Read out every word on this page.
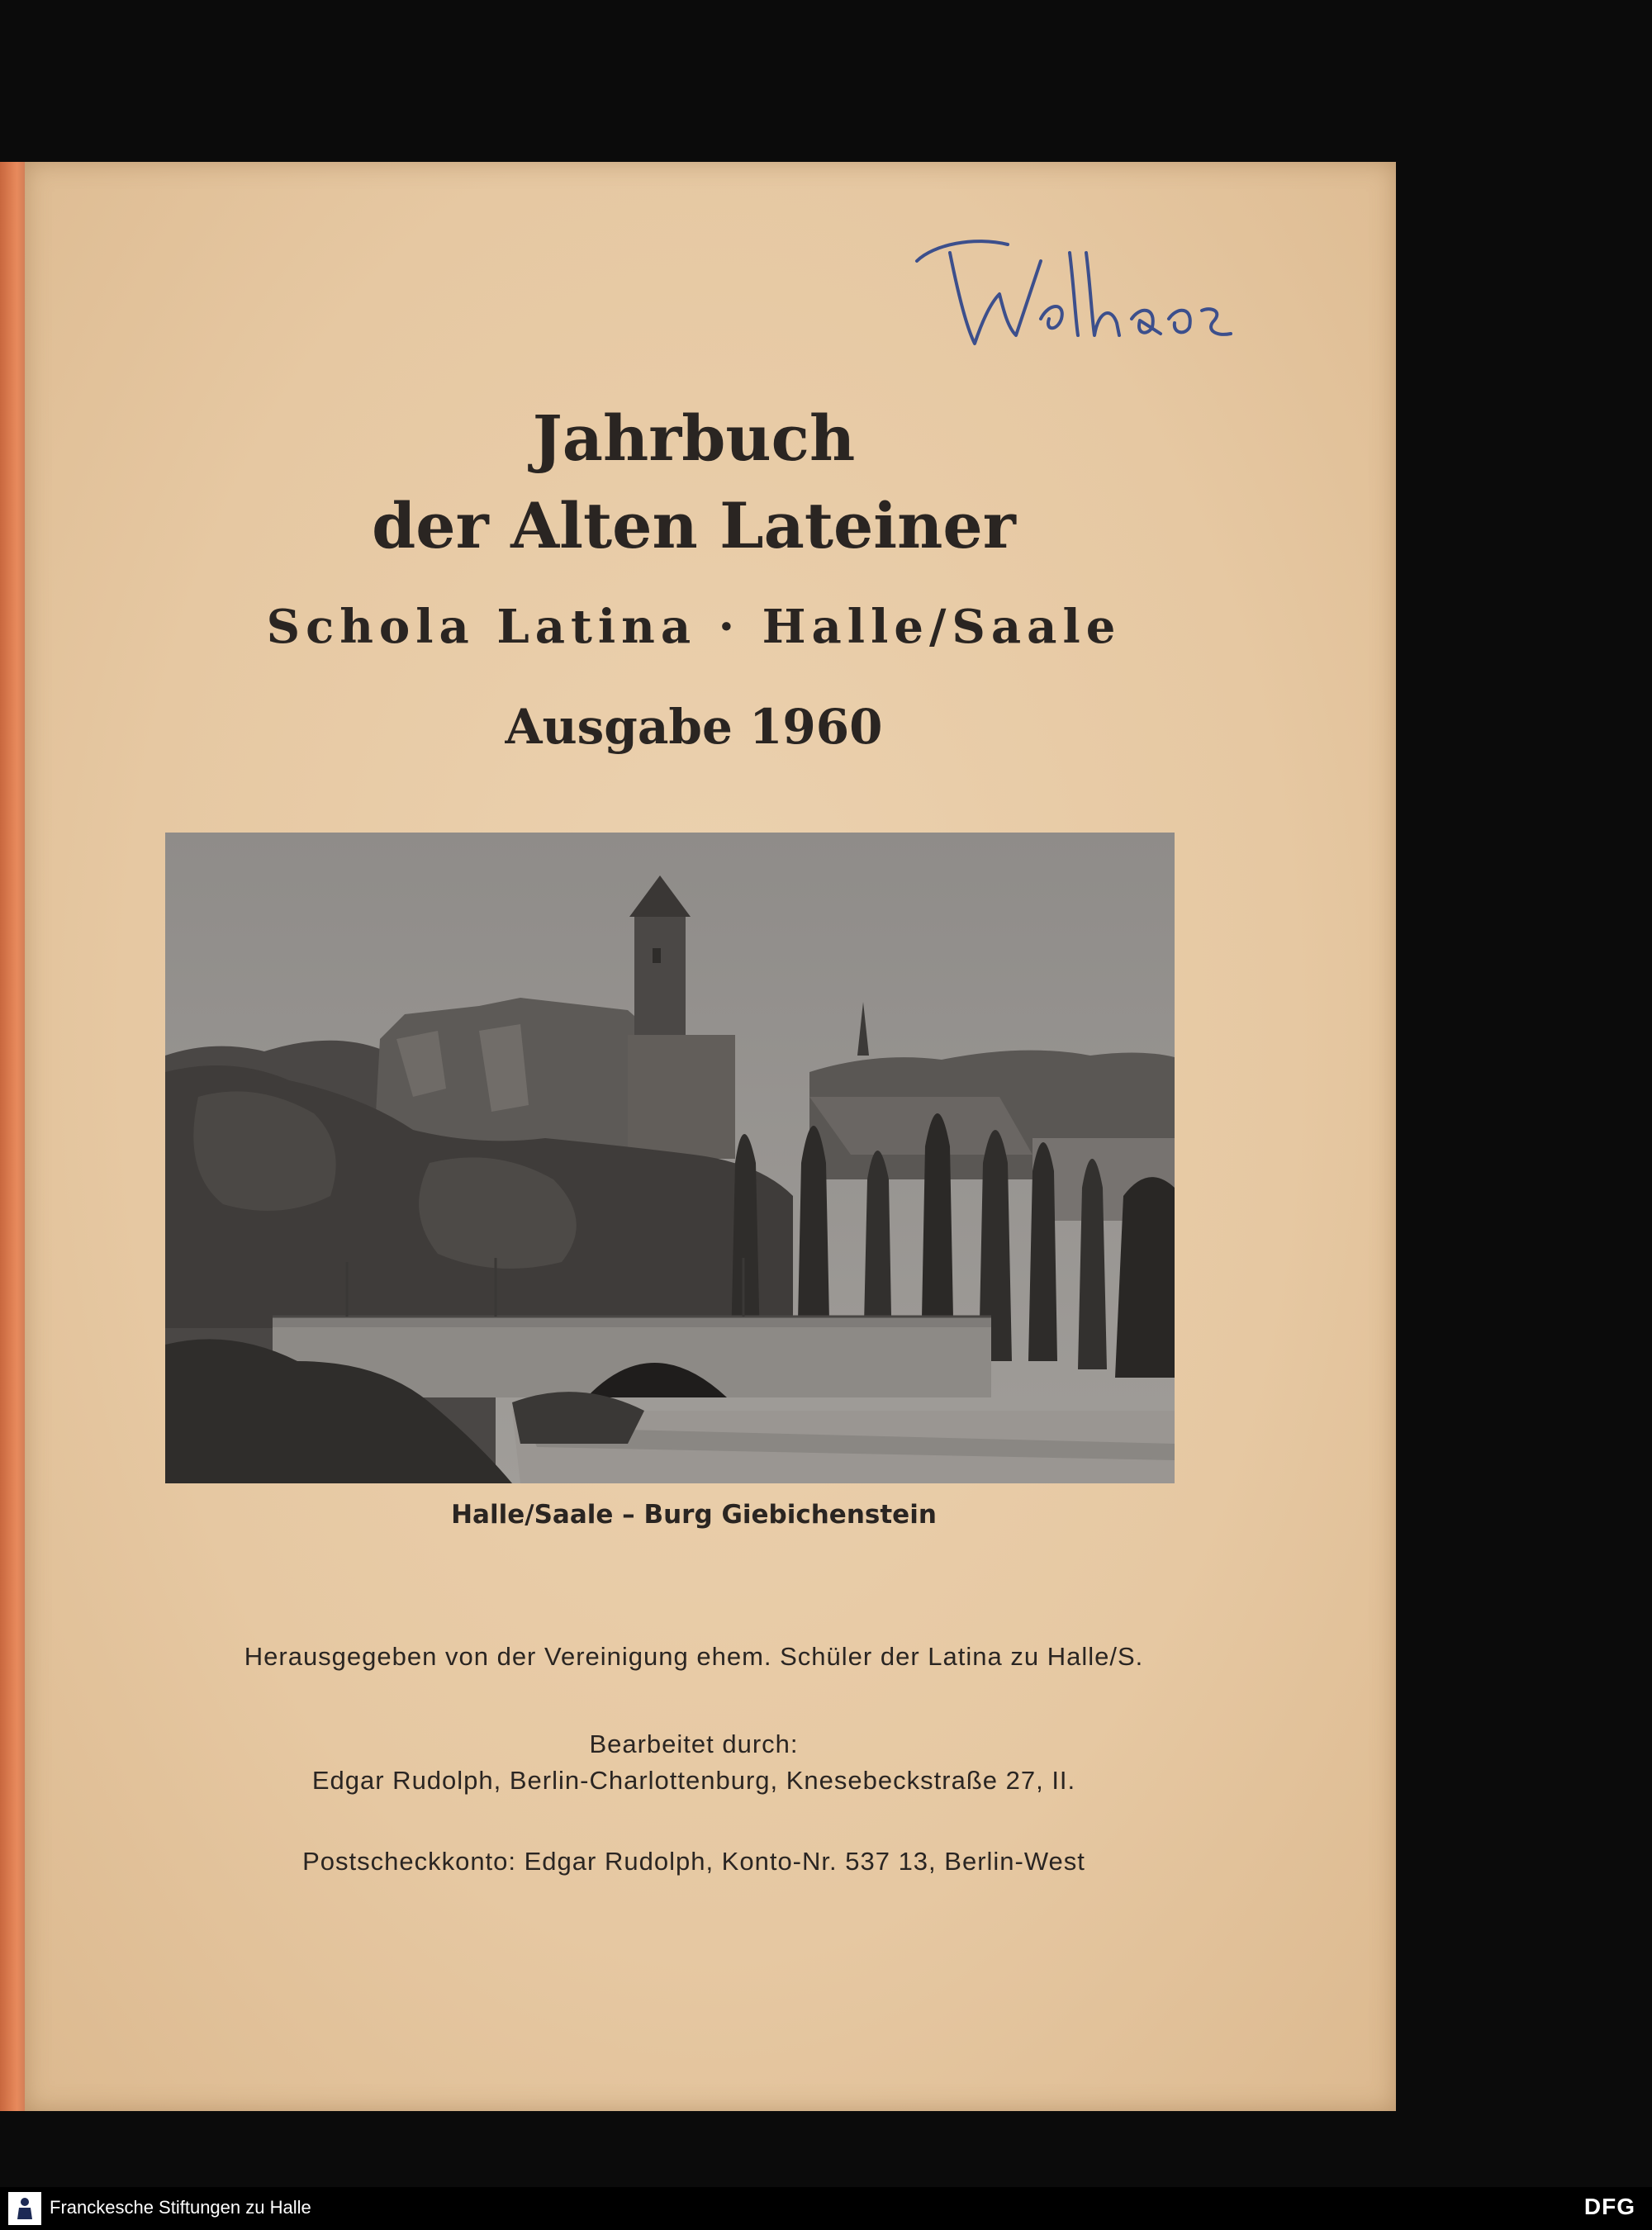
Jahrbuch
der Alten Lateiner
Schola Latina · Halle/Saale
Ausgabe 1960
Halle/Saale – Burg Giebichenstein
Herausgegeben von der Vereinigung ehem. Schüler der Latina zu Halle/S.
Bearbeitet durch:
Edgar Rudolph, Berlin-Charlottenburg, Knesebeckstraße 27, II.
Postscheckkonto: Edgar Rudolph, Konto-Nr. 537 13, Berlin-West
Franckesche Stiftungen zu Halle	DFG
